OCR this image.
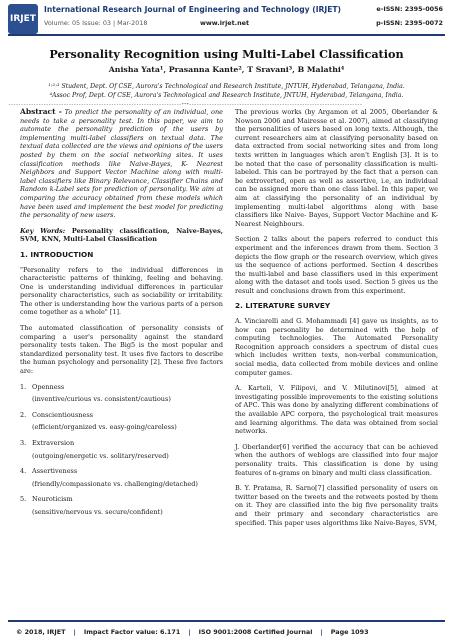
IRJET
International Research Journal of Engineering and Technology (IRJET)	e-ISSN: 2395-0056
Volume: 05 Issue: 03 | Mar-2018	www.irjet.net	p-ISSN: 2395-0072
Personality Recognition using Multi-Label Classification
Anisha Yata¹, Prasanna Kante², T Sravani³, B Malathi⁴
¹˒²˒³ Student, Dept. Of CSE, Aurora's Technological and Research Institute, JNTUH, Hyderabad, Telangana, India.
⁴Assoc Prof, Dept. Of CSE, Aurora's Technological and Research Institute, JNTUH, Hyderabad, Telangana, India.
---------------------------------------------------------------------***---------------------------------------------------------------------

Abstract - To predict the personality of an individual, one needs to take a personality test. In this paper, we aim to automate the personality prediction of the users by implementing multi-label classifiers on textual data. The textual data collected are the views and opinions of the users posted by them on the social networking sites. It uses classification methods like Naive-Bayes, K- Nearest Neighbors and Support Vector Machine along with multi-label classifiers like Binary Relevance, Classifier Chains and Random k-Label sets for prediction of personality. We aim at comparing the accuracy obtained from these models which have been used and implement the best model for predicting the personality of new users.

Key Words: Personality classification, Naive-Bayes, SVM, KNN, Multi-Label Classification

1. INTRODUCTION

"Personality refers to the individual differences in characteristic patterns of thinking, feeling and behaving. One is understanding individual differences in particular personality characteristics, such as sociability or irritability. The other is understanding how the various parts of a person come together as a whole" [1].

The automated classification of personality consists of comparing a user's personality against the standard personality tests taken. The Big5 is the most popular and standardized personality test. It uses five factors to describe the human psychology and personality [2]. These five factors are:

1. Openness
(inventive/curious vs. consistent/cautious)
2. Conscientiousness
(efficient/organized vs. easy-going/careless)
3. Extraversion
(outgoing/energetic vs. solitary/reserved)
4. Assertiveness
(friendly/compassionate vs. challenging/detached)
5. Neuroticism
(sensitive/nervous vs. secure/confident)

The previous works (by Argamon et al 2005, Oberlander & Nowson 2006 and Mairesse et al. 2007), aimed at classifying the personalities of users based on long texts. Although, the current researchers aim at classifying personality based on data extracted from social networking sites and from long texts written in languages which aren't English [3]. It is to be noted that the case of personality classification is multi-labeled. This can be portrayed by the fact that a person can be extroverted, open as well as assertive, i.e, an individual can be assigned more than one class label. In this paper, we aim at classifying the personality of an individual by implementing multi-label algorithms along with base classifiers like Naive- Bayes, Support Vector Machine and K-Nearest Neighbours.

Section 2 talks about the papers referred to conduct this experiment and the inferences drawn from them. Section 3 depicts the flow graph or the research overview, which gives us the sequence of actions performed. Section 4 describes the multi-label and base classifiers used in this experiment along with the dataset and tools used. Section 5 gives us the result and conclusions drawn from this experiment.

2. LITERATURE SURVEY

A. Vinciarelli and G. Mohammadi [4] gave us insights, as to how can personality be determined with the help of computing technologies. The Automated Personality Recognition approach considers a spectrum of distal cues which includes written texts, non-verbal communication, social media, data collected from mobile devices and online computer games.

A. Karteli, V. Filipovi, and V. Milutinovi[5], aimed at investigating possible improvements to the existing solutions of APC. This was done by analyzing different combinations of the available APC corpora, the psychological trait measures and learning algorithms. The data was obtained from social networks.

J. Oberlander[6] verified the accuracy that can be achieved when the authors of weblogs are classified into four major personality traits. This classification is done by using features of n-grams on binary and multi class classification.

B. Y. Pratama, R. Sarno[7] classified personality of users on twitter based on the tweets and the retweets posted by them on it. They are classified into the big five personality traits and their primary and secondary characteristics are specified. This paper uses algorithms like Naive-Bayes, SVM,

© 2018, IRJET	|	Impact Factor value: 6.171	|	ISO 9001:2008 Certified Journal	|	Page 1093
